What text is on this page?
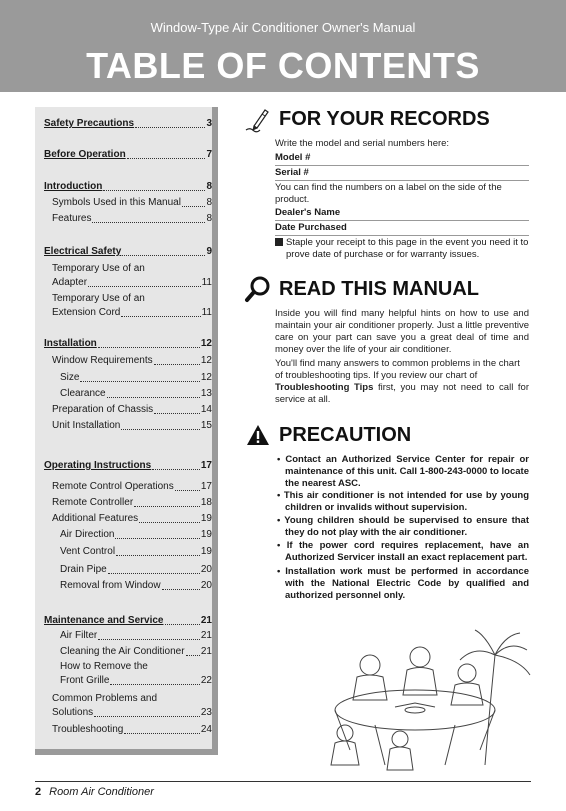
Window-Type Air Conditioner Owner's Manual
TABLE OF CONTENTS
Safety Precautions	3
Before Operation	7
Introduction	8
Symbols Used in this Manual	8
Features	8
Electrical Safety	9
Temporary Use of an
Adapter	11
Temporary Use of an
Extension Cord	11
Installation	12
Window Requirements	12
Size	12
Clearance	13
Preparation of Chassis	14
Unit Installation	15
Operating Instructions	17
Remote Control Operations	17
Remote Controller	18
Additional Features	19
Air Direction	19
Vent Control	19
Drain Pipe	20
Removal from Window	20
Maintenance and Service	21
Air Filter	21
Cleaning the Air Conditioner 21
How to Remove the
Front Grille	22
Common Problems and
Solutions	23
Troubleshooting	24
FOR YOUR RECORDS
Write the model and serial numbers here:
Model #
Serial #
You can find the numbers on a label on the side of the product.
Dealer's Name
Date Purchased
Staple your receipt to this page in the event you need it to prove date of purchase or for warranty issues.
READ THIS MANUAL
Inside you will find many helpful hints on how to use and maintain your air conditioner properly. Just a little preventive care on your part can save you a great deal of time and money over the life of your air conditioner.
You'll find many answers to common problems in the chart of troubleshooting tips. If you review our chart of
Troubleshooting Tips first, you may not need to call for service at all.
PRECAUTION
• Contact an Authorized Service Center for repair or maintenance of this unit. Call 1-800-243-0000 to locate the nearest ASC.
• This air conditioner is not intended for use by young children or invalids without supervision.
• Young children should be supervised to ensure that they do not play with the air conditioner.
• If the power cord requires replacement, have an Authorized Servicer install an exact replacement part.
• Installation work must be performed in accordance with the National Electric Code by qualified and authorized personnel only.
2 Room Air Conditioner
